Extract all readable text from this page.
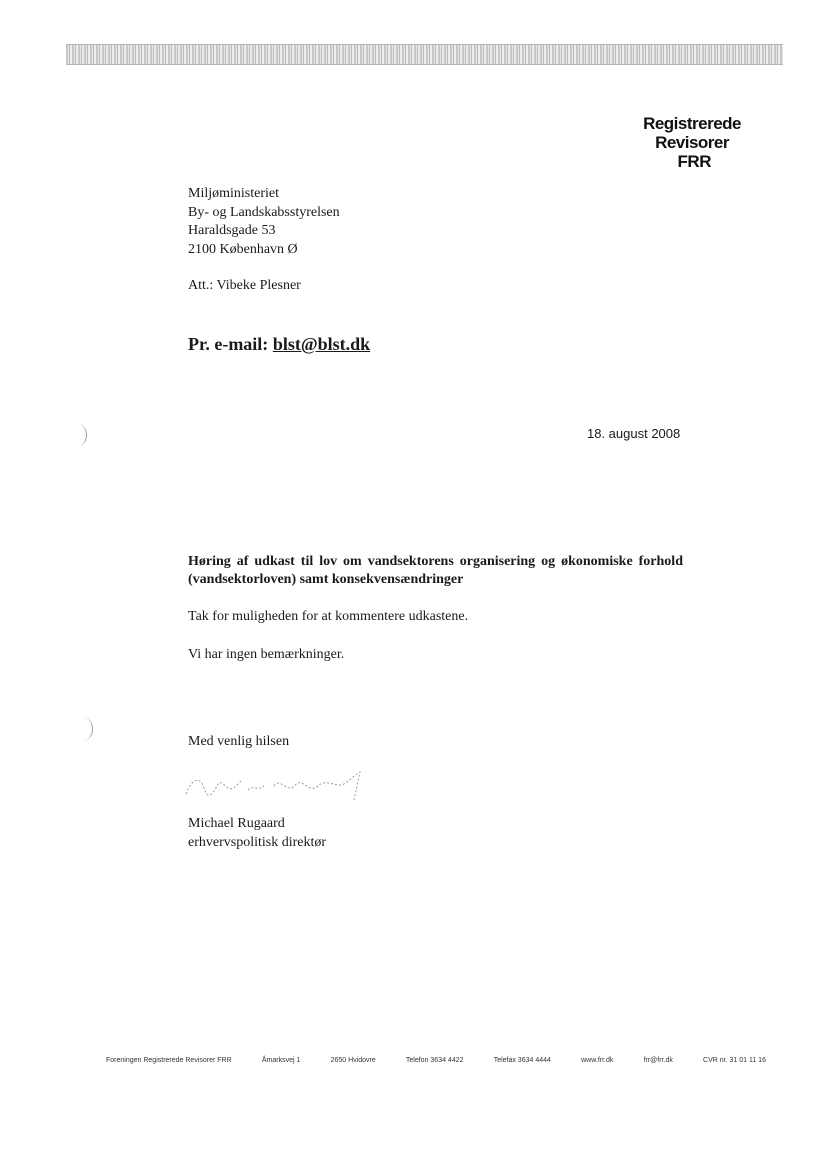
Registrerede
Revisorer
FRR
Miljøministeriet
By- og Landskabsstyrelsen
Haraldsgade 53
2100 København Ø
Att.: Vibeke Plesner
Pr. e-mail: blst@blst.dk
18. august 2008
Høring af udkast til lov om vandsektorens organisering og økonomiske forhold (vandsektorloven) samt konsekvensændringer
Tak for muligheden for at kommentere udkastene.
Vi har ingen bemærkninger.
Med venlig hilsen
Michael Rugaard
erhvervspolitisk direktør
Foreningen Registrerede Revisorer FRR	Åmarksvej 1	2650 Hvidovre	Telefon 3634 4422	Telefax 3634 4444	www.frr.dk	frr@frr.dk	CVR nr. 31 01 11 16
